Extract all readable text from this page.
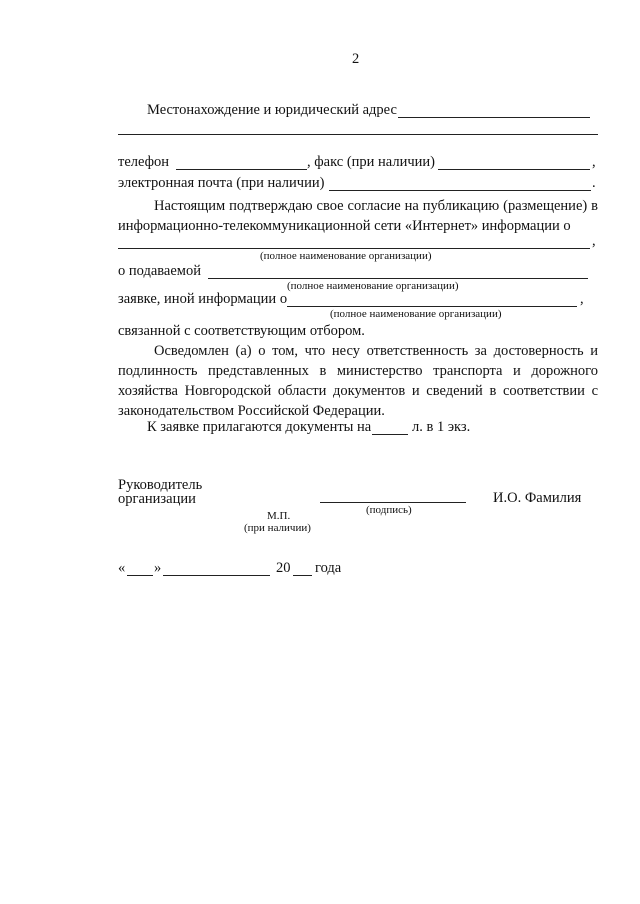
2
Местонахождение и юридический адрес
телефон	, факс (при наличии)	,
электронная почта (при наличии)	.
Настоящим подтверждаю свое согласие на публикацию (размещение) в информационно-телекоммуникационной сети «Интернет» информации о
,
(полное наименование организации)
о подаваемой
(полное наименование организации)
заявке, иной информации о	,
(полное наименование организации)
связанной с соответствующим отбором.
Осведомлен (а) о том, что несу ответственность за достоверность и подлинность представленных в министерство транспорта и дорожного хозяйства Новгородской области документов и сведений в соответствии с законодательством Российской Федерации.
К заявке прилагаются документы на	л. в 1 экз.
Руководитель
организации	И.О. Фамилия
(подпись)
М.П.
(при наличии)
« »	20 года
